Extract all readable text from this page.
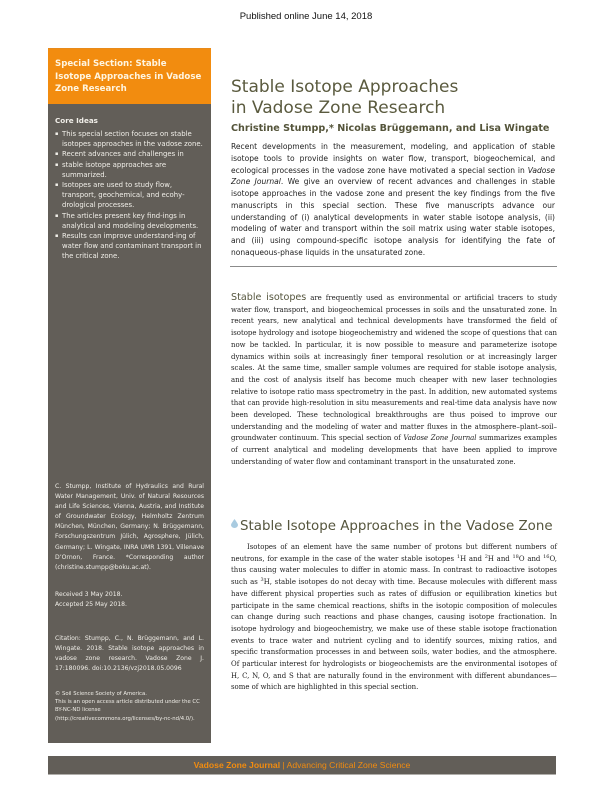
Published online June 14, 2018
Special Section: Stable Isotope Approaches in Vadose Zone Research
Core Ideas
▪ This special section focuses on stable isotopes approaches in the vadose zone.
▪ Recent advances and challenges in
▪ stable isotope approaches are summarized.
▪ Isotopes are used to study flow, transport, geochemical, and ecohy-drological processes.
▪ The articles present key find-ings in analytical and modeling developments.
▪ Results can improve understand-ing of water flow and contaminant transport in the critical zone.
C. Stumpp, Institute of Hydraulics and Rural Water Management, Univ. of Natural Resources and Life Sciences, Vienna, Austria, and Institute of Groundwater Ecology, Helmholtz Zentrum München, München, Germany; N. Brüggemann, Forschungszentrum Jülich, Agrosphere, Jülich, Germany; L. Wingate, INRA UMR 1391, Villenave D’Ornon, France. *Corresponding author (christine.stumpp@boku.ac.at).
Received 3 May 2018.
Accepted 25 May 2018.
Citation: Stumpp, C., N. Brüggemann, and L. Wingate. 2018. Stable isotope approaches in vadose zone research. Vadose Zone J. 17:180096. doi:10.2136/vzj2018.05.0096
© Soil Science Society of America.
This is an open access article distributed under the CC BY-NC-ND license
(http://creativecommons.org/licenses/by-nc-nd/4.0/).
Stable Isotope Approaches
in Vadose Zone Research
Christine Stumpp,* Nicolas Brüggemann, and Lisa Wingate
Recent developments in the measurement, modeling, and application of stable isotope tools to provide insights on water flow, transport, biogeochemical, and ecological processes in the vadose zone have motivated a special section in Vadose Zone Journal. We give an overview of recent advances and challenges in stable isotope approaches in the vadose zone and present the key findings from the five manuscripts in this special section. These five manuscripts advance our understanding of (i) analytical developments in water stable isotope analysis, (ii) modeling of water and transport within the soil matrix using water stable isotopes, and (iii) using compound-specific isotope analysis for identifying the fate of nonaqueous-phase liquids in the unsaturated zone.
Stable isotopes are frequently used as environmental or artificial tracers to study water flow, transport, and biogeochemical processes in soils and the unsaturated zone. In recent years, new analytical and technical developments have transformed the field of isotope hydrology and isotope biogeochemistry and widened the scope of questions that can now be tackled. In particular, it is now possible to measure and parameterize isotope dynamics within soils at increasingly finer temporal resolution or at increasingly larger scales. At the same time, smaller sample volumes are required for stable isotope analysis, and the cost of analysis itself has become much cheaper with new laser technologies relative to isotope ratio mass spectrometry in the past. In addition, new automated systems that can provide high-resolution in situ measurements and real-time data analysis have now been developed. These technological breakthroughs are thus poised to improve our understanding and the modeling of water and matter fluxes in the atmosphere–plant–soil–groundwater continuum. This special section of Vadose Zone Journal summarizes examples of current analytical and modeling developments that have been applied to improve understanding of water flow and contaminant transport in the unsaturated zone.
Stable Isotope Approaches in the Vadose Zone
Isotopes of an element have the same number of protons but different numbers of neutrons, for example in the case of the water stable isotopes $^1$H and $^2$H and $^{18}$O and $^{16}$O, thus causing water molecules to differ in atomic mass. In contrast to radioactive isotopes such as $^3$H, stable isotopes do not decay with time. Because molecules with different mass have different physical properties such as rates of diffusion or equilibration kinetics but participate in the same chemical reactions, shifts in the isotopic composition of molecules can change during such reactions and phase changes, causing isotope fractionation. In isotope hydrology and biogeochemistry, we make use of these stable isotope fractionation events to trace water and nutrient cycling and to identify sources, mixing ratios, and specific transformation processes in and between soils, water bodies, and the atmosphere. Of particular interest for hydrologists or biogeochemists are the environmental isotopes of H, C, N, O, and S that are naturally found in the environment with different abundances—some of which are highlighted in this special section.
Vadose Zone Journal | Advancing Critical Zone Science
